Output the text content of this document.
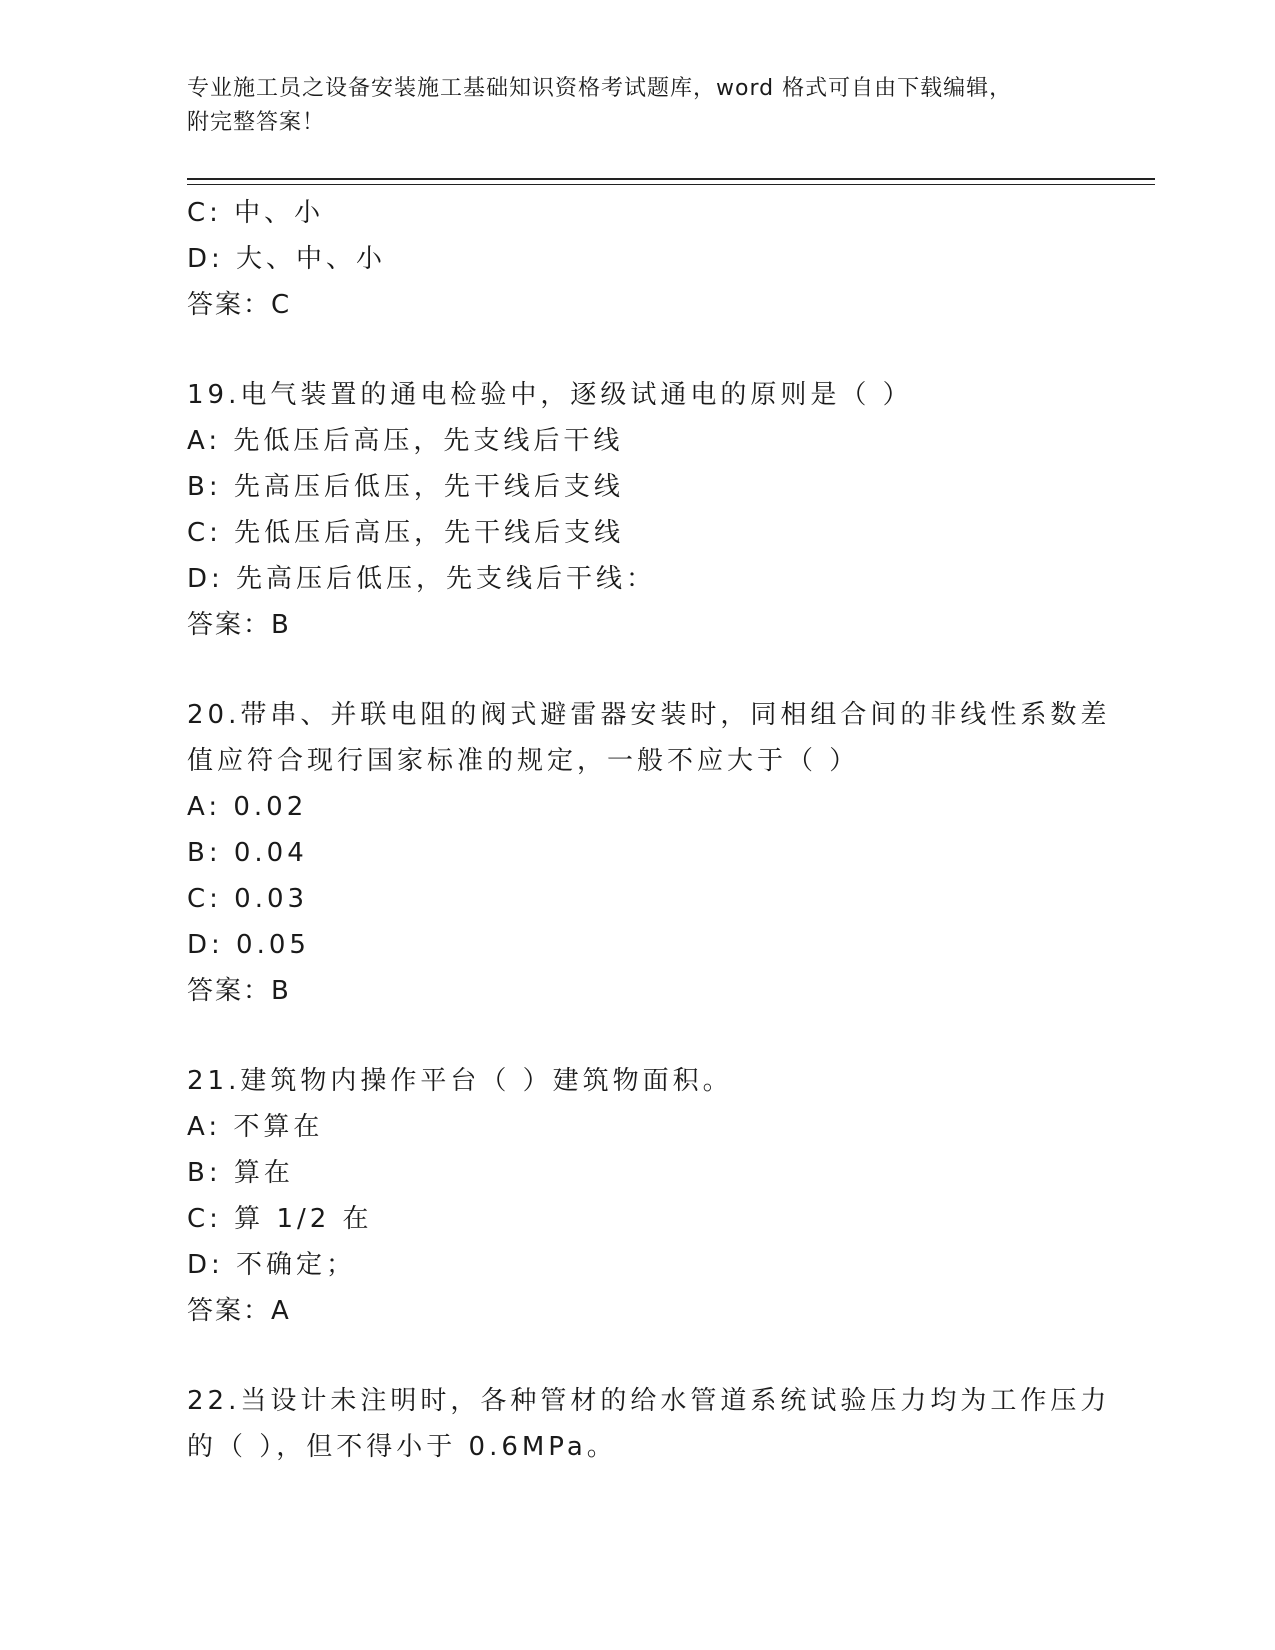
专业施工员之设备安装施工基础知识资格考试题库，word 格式可自由下载编辑，
附完整答案！
C: 中、小
D: 大、中、小
答案：C
19.电气装置的通电检验中，逐级试通电的原则是（ ）
A: 先低压后高压，先支线后干线
B: 先高压后低压，先干线后支线
C: 先低压后高压，先干线后支线
D: 先高压后低压，先支线后干线：
答案：B
20.带串、并联电阻的阀式避雷器安装时，同相组合间的非线性系数差
值应符合现行国家标准的规定，一般不应大于（ ）
A: 0.02
B: 0.04
C: 0.03
D: 0.05
答案：B
21.建筑物内操作平台（ ）建筑物面积。
A: 不算在
B: 算在
C: 算 1/2 在
D: 不确定；
答案：A
22.当设计未注明时，各种管材的给水管道系统试验压力均为工作压力
的（ ），但不得小于 0.6MPa。
